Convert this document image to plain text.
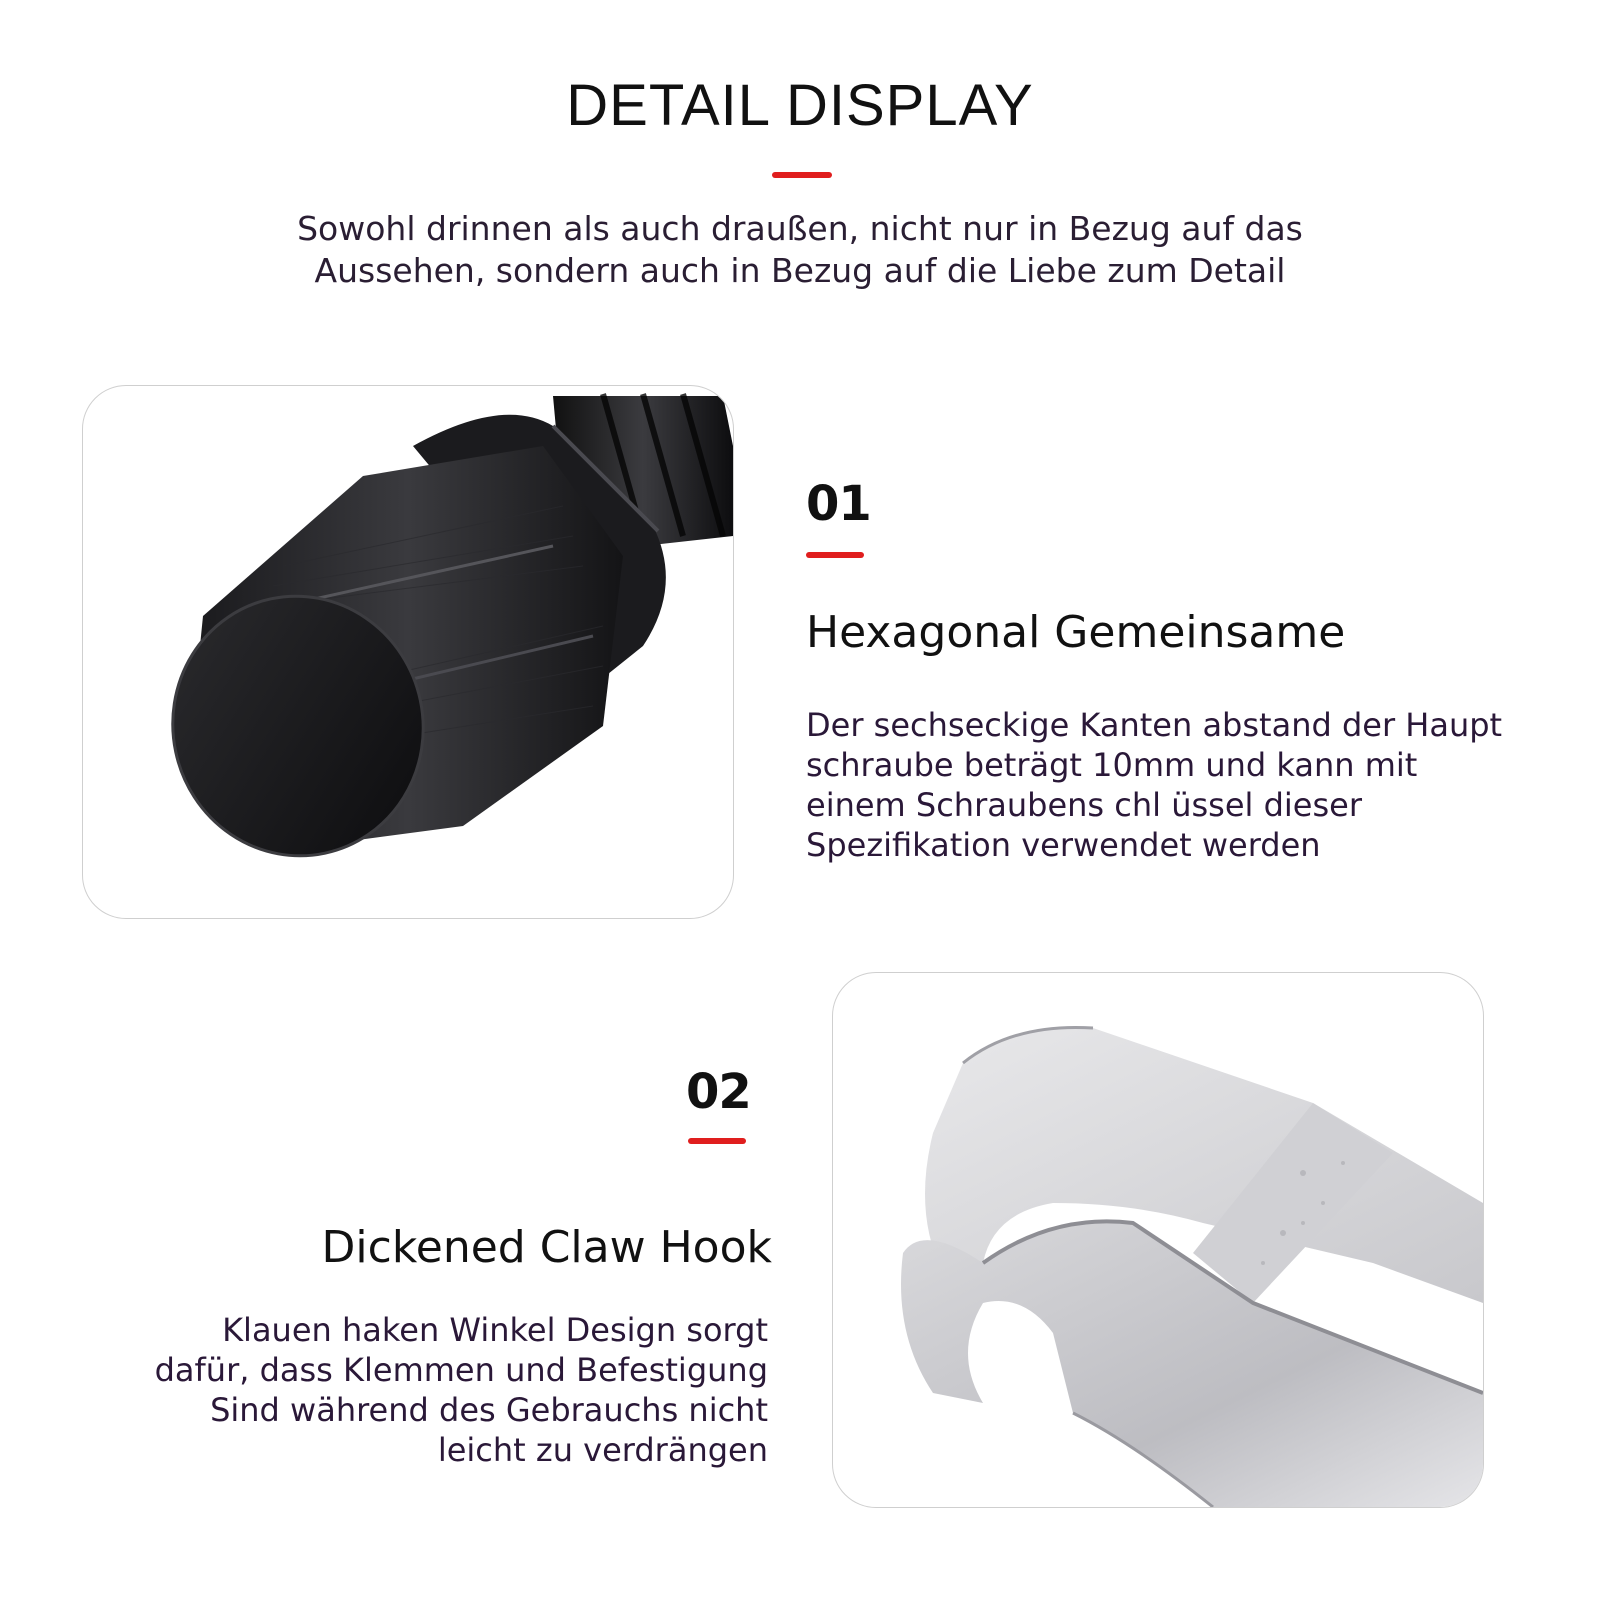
DETAIL DISPLAY
Sowohl drinnen als auch draußen, nicht nur in Bezug auf das
Aussehen, sondern auch in Bezug auf die Liebe zum Detail
01
Hexagonal Gemeinsame
Der sechseckige Kanten abstand der Haupt
schraube beträgt 10mm und kann mit
einem Schraubens chl üssel dieser
Spezifikation verwendet werden
02
Dickened Claw Hook
Klauen haken Winkel Design sorgt
dafür, dass Klemmen und Befestigung
Sind während des Gebrauchs nicht
leicht zu verdrängen
